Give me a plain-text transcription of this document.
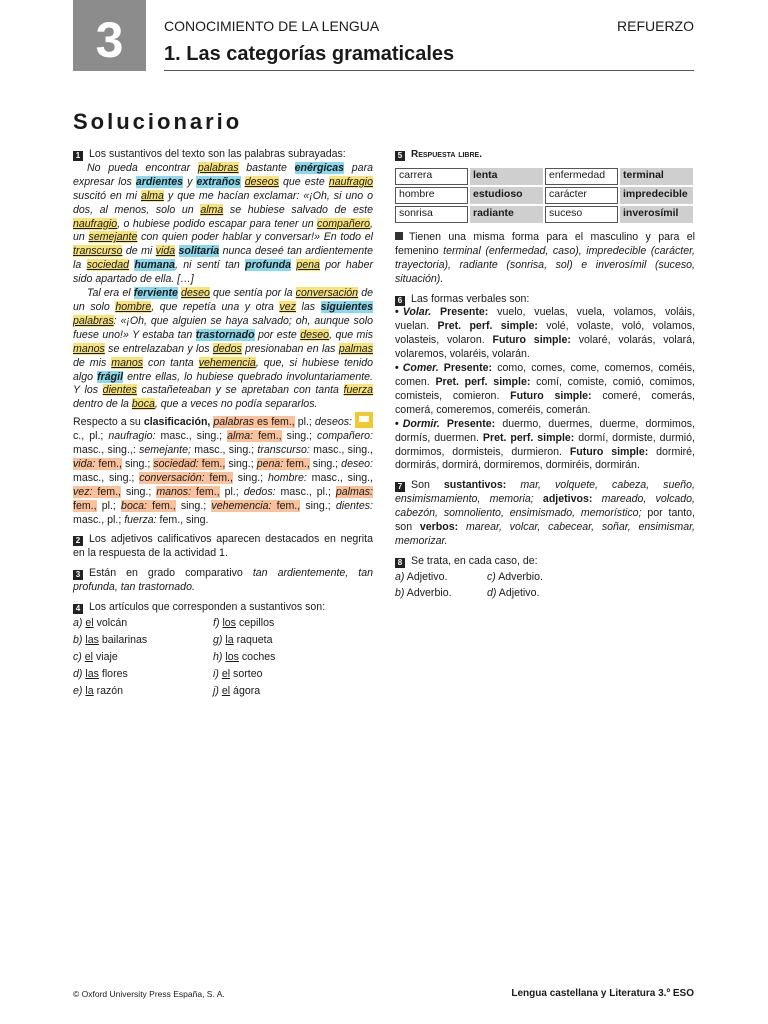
3	CONOCIMIENTO DE LA LENGUA	REFUERZO
1. Las categorías gramaticales
Solucionario

1 Los sustantivos del texto son las palabras subrayadas:

No pueda encontrar palabras bastante enérgicas para expresar los ardientes y extraños deseos que este naufragio suscitó en mi alma y que me hacían exclamar: «¡Oh, si uno o dos, al menos, solo un alma se hubiese salvado de este naufragio, o hubiese podido escapar para tener un compañero, un semejante con quien poder hablar y conversar!» En todo el transcurso de mi vida solitaria nunca deseé tan ardientemente la sociedad humana, ni sentí tan profunda pena por haber sido apartado de ella. […]

Tal era el ferviente deseo que sentía por la conversación de un solo hombre, que repetía una y otra vez las siguientes palabras: «¡Oh, que alguien se haya salvado; oh, aunque solo fuese uno!» Y estaba tan trastornado por este deseo, que mis manos se entrelazaban y los dedos presionaban en las palmas de mis manos con tanta vehemencia, que, si hubiese tenido algo frágil entre ellas, lo hubiese quebrado involuntariamente. Y los dientes castañeteaban y se apretaban con tanta fuerza dentro de la boca, que a veces no podía separarlos.

Respecto a su clasificación, palabras es fem., pl.; deseos:  c., pl.; naufragio: masc., sing.; alma: fem., sing.; compañero: masc., sing.,: semejante; masc., sing.; transcurso: masc., sing., vida: fem., sing.; sociedad: fem., sing.; pena: fem., sing.; deseo: masc., sing.; conversación: fem., sing.; hombre: masc., sing., vez: fem., sing.; manos: fem., pl.; dedos: masc., pl.; palmas: fem., pl.; boca: fem., sing.; vehemencia: fem., sing.; dientes: masc., pl.; fuerza: fem., sing.

2 Los adjetivos calificativos aparecen destacados en negrita en la respuesta de la actividad 1.

3 Están en grado comparativo tan ardientemente, tan profunda, tan trastornado.

4 Los artículos que corresponden a sustantivos son:

a) el volcán	f) los cepillos
b) las bailarinas	g) la raqueta
c) el viaje	h) los coches
d) las flores	i) el sorteo
e) la razón	j) el ágora

5 Respuesta libre.

carrera	lenta	enfermedad	terminal
hombre	estudioso	carácter	impredecible
sonrisa	radiante	suceso	inverosímil

Tienen una misma forma para el masculino y para el femenino terminal (enfermedad, caso), impredecible (carácter, trayectoria), radiante (sonrisa, sol) e inverosímil (suceso, situación).

6 Las formas verbales son:

• Volar. Presente: vuelo, vuelas, vuela, volamos, voláis, vuelan. Pret. perf. simple: volé, volaste, voló, volamos, volasteis, volaron. Futuro simple: volaré, volarás, volará, volaremos, volaréis, volarán.

• Comer. Presente: como, comes, come, comemos, coméis, comen. Pret. perf. simple: comí, comiste, comió, comimos, comisteis, comieron. Futuro simple: comeré, comerás, comerá, comeremos, comeréis, comerán.

• Dormir. Presente: duermo, duermes, duerme, dormimos, dormís, duermen. Pret. perf. simple: dormí, dormiste, durmió, dormimos, dormisteis, durmieron. Futuro simple: dormiré, dormirás, dormirá, dormiremos, dormiréis, dormirán.

7 Son sustantivos: mar, volquete, cabeza, sueño, ensimismamiento, memoria; adjetivos: mareado, volcado, cabezón, somnoliento, ensimismado, memorístico; por tanto, son verbos: marear, volcar, cabecear, soñar, ensimismar, memorizar.

8 Se trata, en cada caso, de:

a) Adjetivo.	c) Adverbio.
b) Adverbio.	d) Adjetivo.
© Oxford University Press España, S. A.	Lengua castellana y Literatura 3.º ESO
